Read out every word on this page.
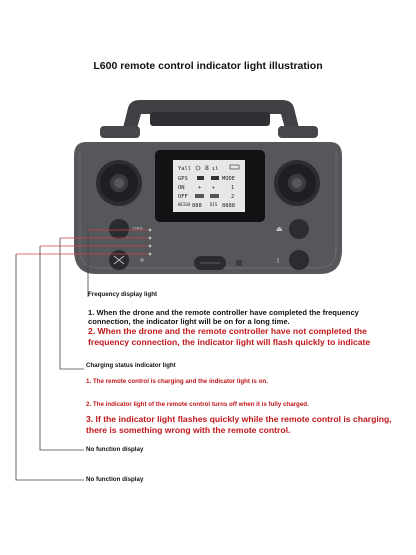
L600 remote control indicator light illustration
Yall 8 ıl
GPS	MODE
ON	+ ✈	1
OFF	2
HEIGH 888 DIS 8888
GPS	⏏
Ⅰ
Frequency display light
1. When the drone and the remote controller have completed the frequency connection, the indicator light will be on for a long time.
2. When the drone and the remote controller have not completed the frequency connection, the indicator light will flash quickly to indicate
Charging status indicator light
1. The remote control is charging and the indicator light is on.
2. The indicator light of the remote control turns off when it is fully charged.
3. If the indicator light flashes quickly while the remote control is charging, there is something wrong with the remote control.
No function display
No function display
